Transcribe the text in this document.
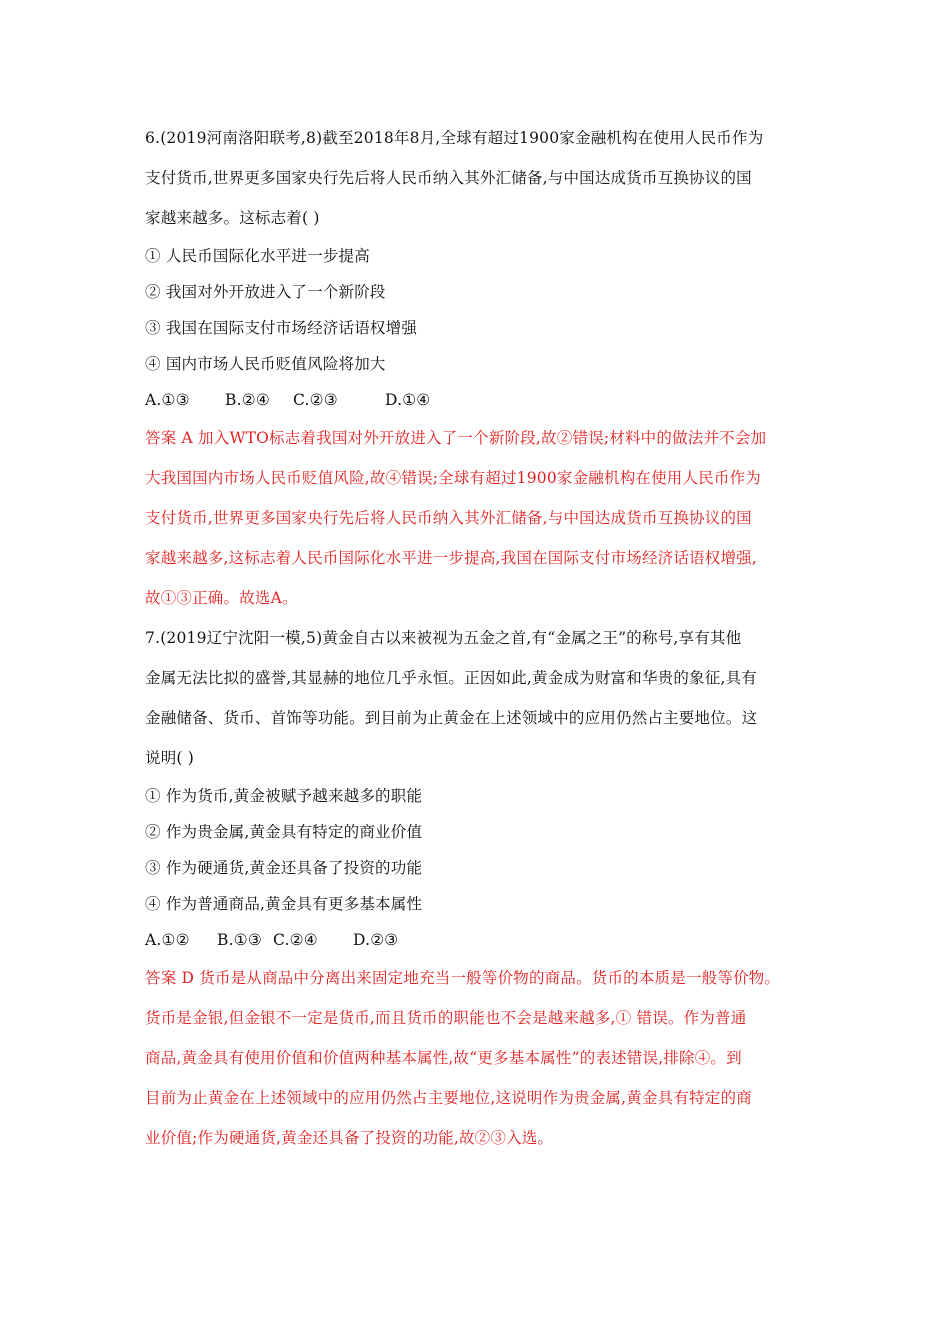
6.(2019河南洛阳联考,8)截至2018年8月,全球有超过1900家金融机构在使用人民币作为
支付货币,世界更多国家央行先后将人民币纳入其外汇储备,与中国达成货币互换协议的国
家越来越多。这标志着( )
① 人民币国际化水平进一步提高
② 我国对外开放进入了一个新阶段
③ 我国在国际支付市场经济话语权增强
④ 国内市场人民币贬值风险将加大
A.①③ B.②④ C.②③	D.①④
答案 A 加入WTO标志着我国对外开放进入了一个新阶段,故②错误;材料中的做法并不会加
大我国国内市场人民币贬值风险,故④错误;全球有超过1900家金融机构在使用人民币作为
支付货币,世界更多国家央行先后将人民币纳入其外汇储备,与中国达成货币互换协议的国
家越来越多,这标志着人民币国际化水平进一步提高,我国在国际支付市场经济话语权增强,
故①③正确。故选A。
7.(2019辽宁沈阳一模,5)黄金自古以来被视为五金之首,有“金属之王”的称号,享有其他
金属无法比拟的盛誉,其显赫的地位几乎永恒。正因如此,黄金成为财富和华贵的象征,具有
金融储备、货币、首饰等功能。到目前为止黄金在上述领域中的应用仍然占主要地位。这
说明( )
① 作为货币,黄金被赋予越来越多的职能
② 作为贵金属,黄金具有特定的商业价值
③ 作为硬通货,黄金还具备了投资的功能
④ 作为普通商品,黄金具有更多基本属性
A.①② B.①③ C.②④ D.②③
答案 D 货币是从商品中分离出来固定地充当一般等价物的商品。货币的本质是一般等价物。
货币是金银,但金银不一定是货币,而且货币的职能也不会是越来越多,① 错误。作为普通
商品,黄金具有使用价值和价值两种基本属性,故“更多基本属性”的表述错误,排除④。到
目前为止黄金在上述领域中的应用仍然占主要地位,这说明作为贵金属,黄金具有特定的商
业价值;作为硬通货,黄金还具备了投资的功能,故②③入选。
